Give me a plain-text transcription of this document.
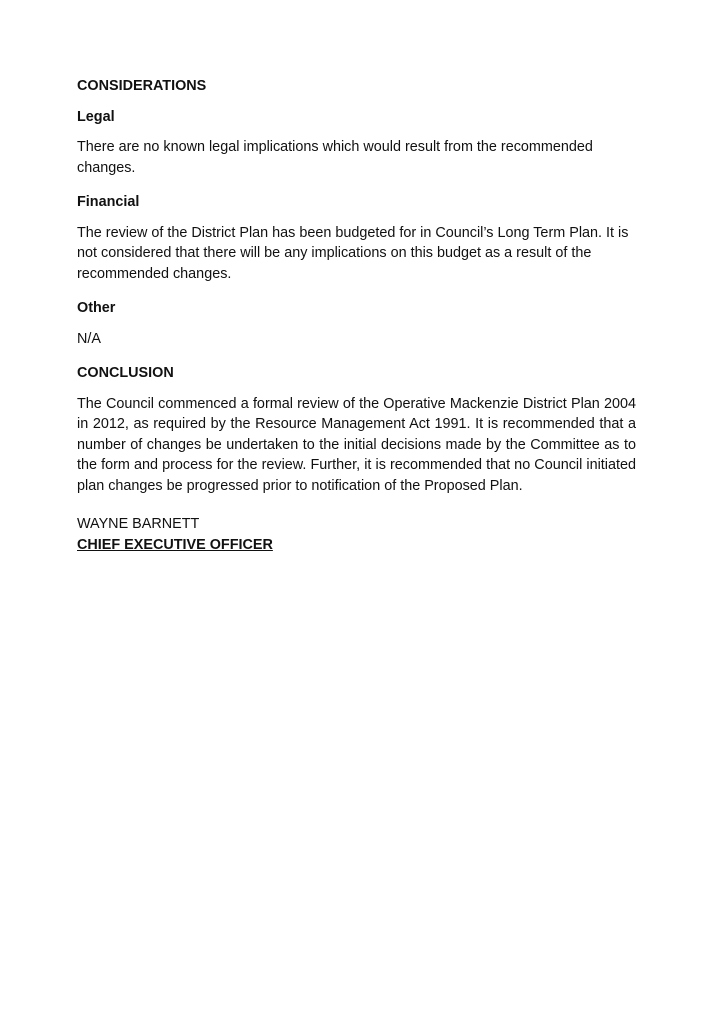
CONSIDERATIONS
Legal

There are no known legal implications which would result from the recommended changes.

Financial

The review of the District Plan has been budgeted for in Council’s Long Term Plan. It is not considered that there will be any implications on this budget as a result of the recommended changes.

Other

N/A

CONCLUSION

The Council commenced a formal review of the Operative Mackenzie District Plan 2004 in 2012, as required by the Resource Management Act 1991. It is recommended that a number of changes be undertaken to the initial decisions made by the Committee as to the form and process for the review. Further, it is recommended that no Council initiated plan changes be progressed prior to notification of the Proposed Plan.

WAYNE BARNETT

CHIEF EXECUTIVE OFFICER
